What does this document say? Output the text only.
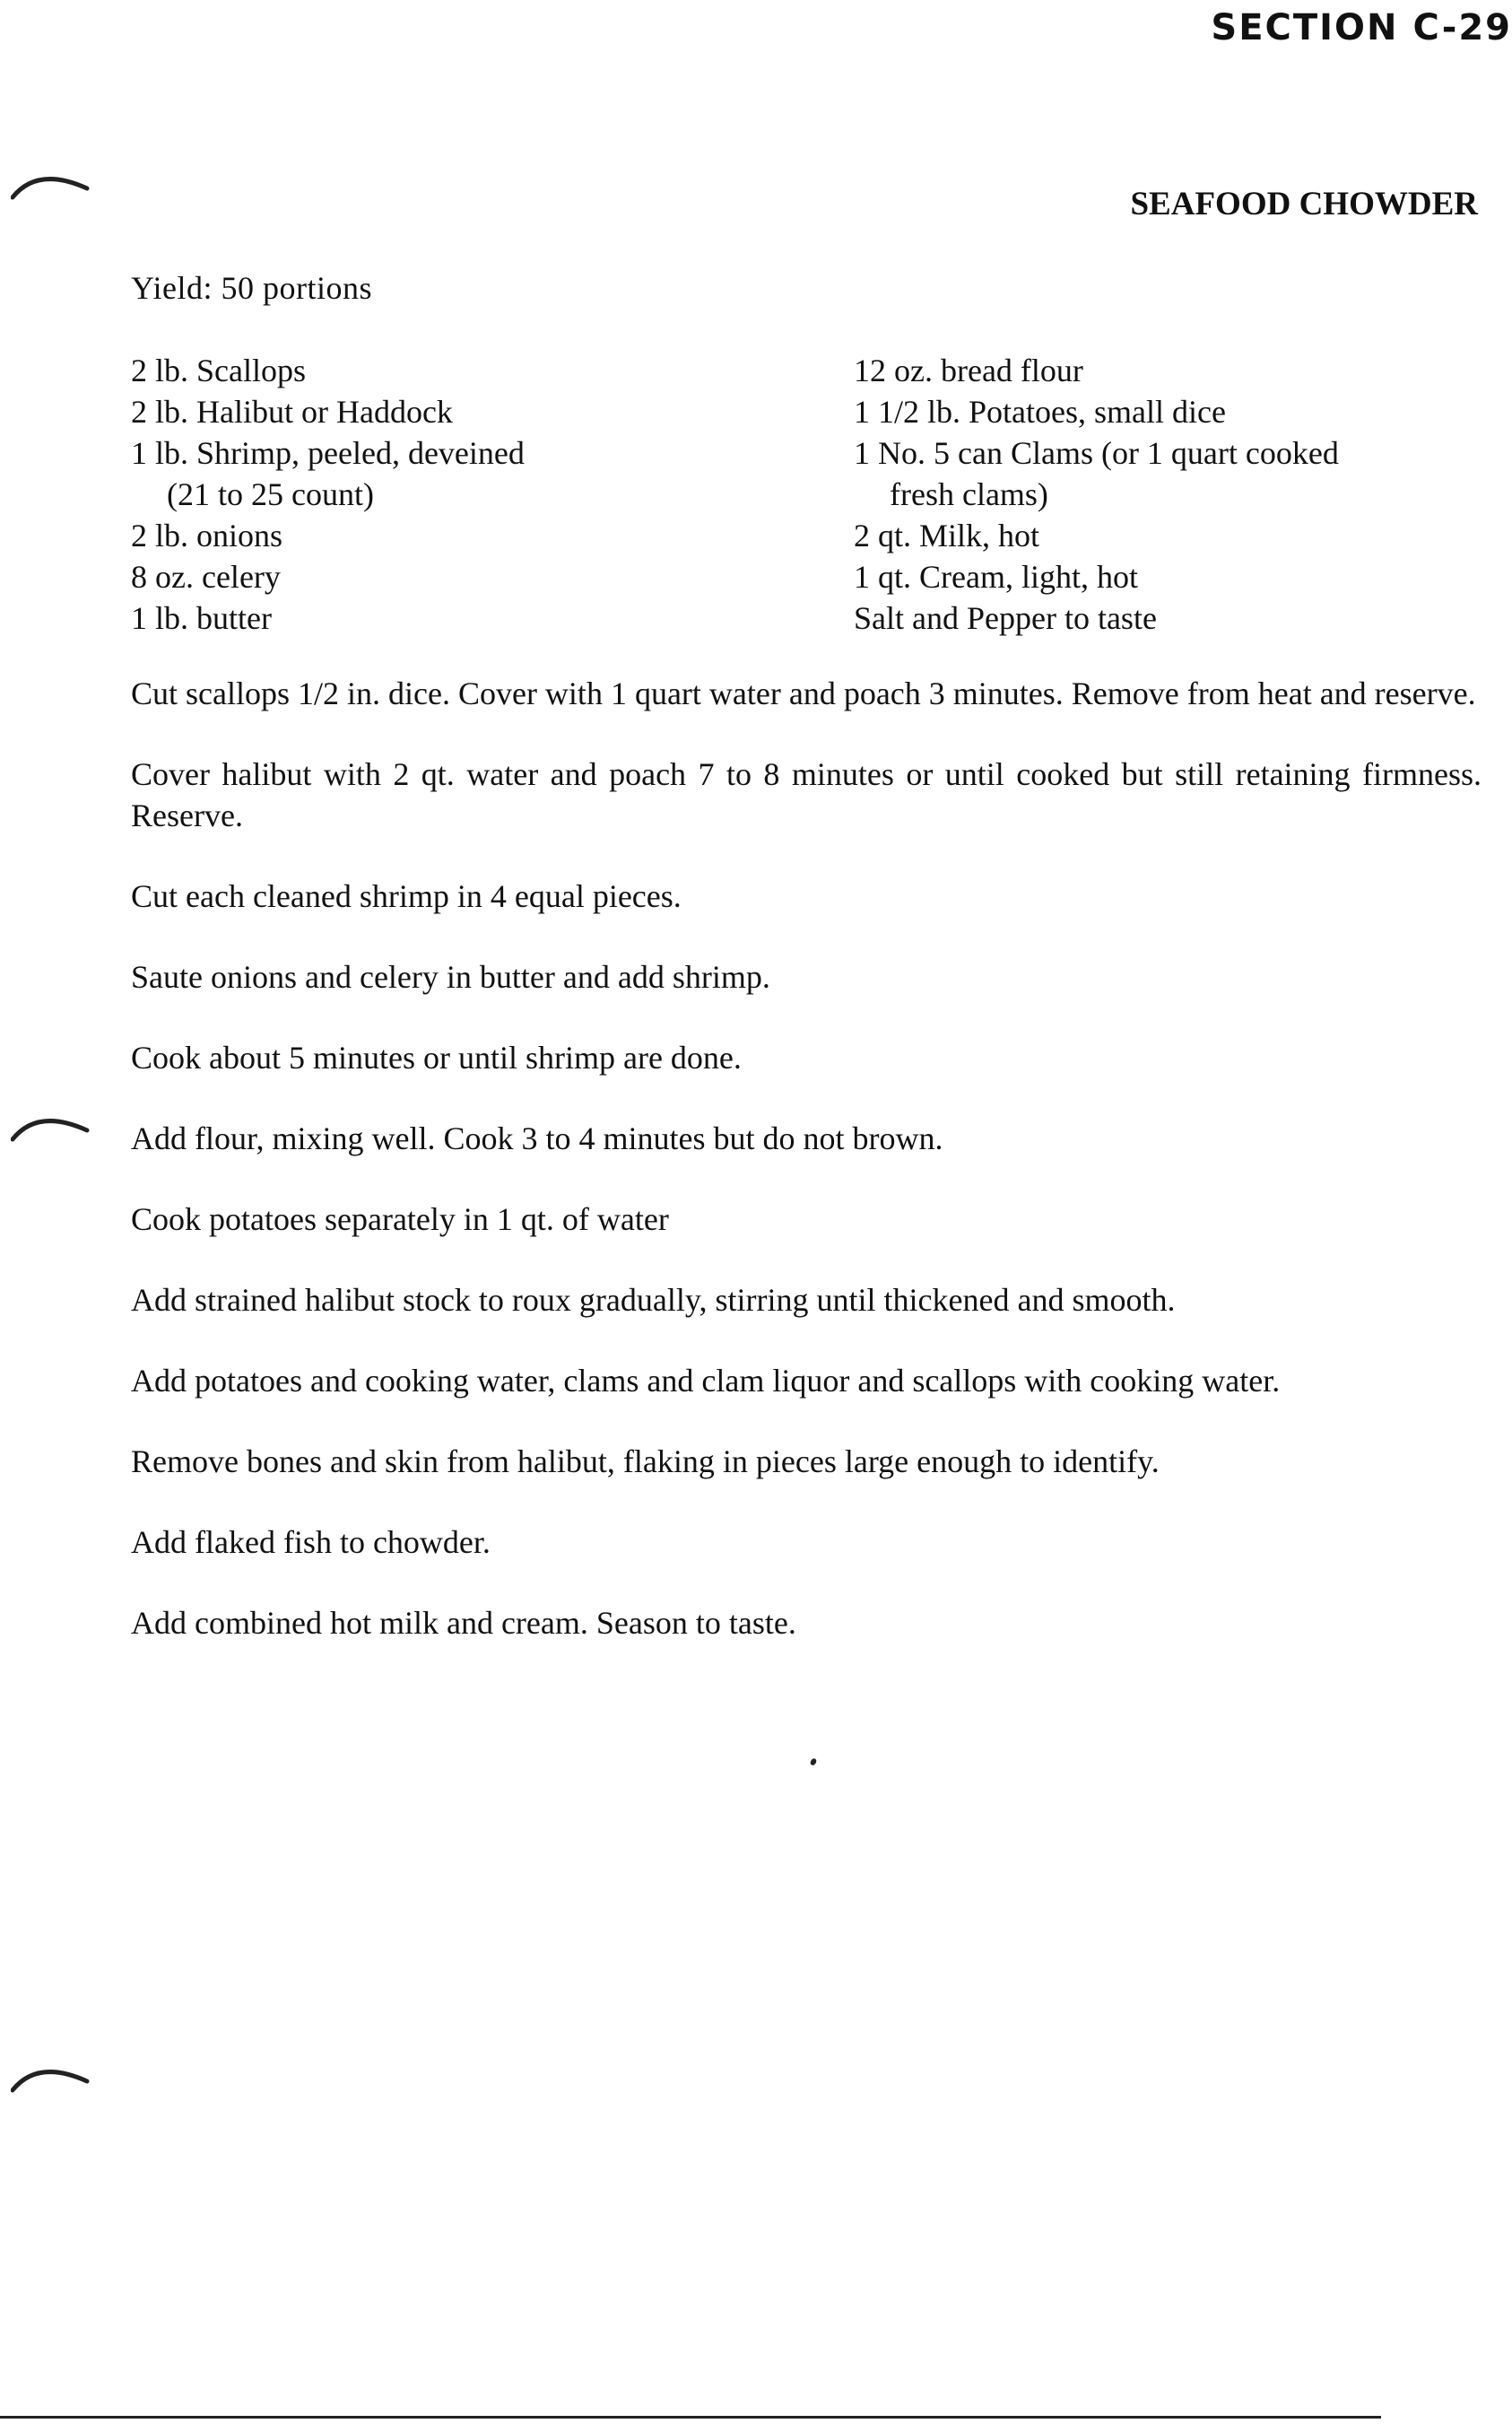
SECTION C-29
SEAFOOD CHOWDER
Yield: 50 portions
2 lb. Scallops
2 lb. Halibut or Haddock
1 lb. Shrimp, peeled, deveined
(21 to 25 count)
2 lb. onions
8 oz. celery
1 lb. butter
12 oz. bread flour
1 1/2 lb. Potatoes, small dice
1 No. 5 can Clams (or 1 quart cooked
fresh clams)
2 qt. Milk, hot
1 qt. Cream, light, hot
Salt and Pepper to taste

Cut scallops 1/2 in. dice. Cover with 1 quart water and poach 3 minutes. Remove from heat and reserve.

Cover halibut with 2 qt. water and poach 7 to 8 minutes or until cooked but still retaining firmness. Reserve.

Cut each cleaned shrimp in 4 equal pieces.

Saute onions and celery in butter and add shrimp.

Cook about 5 minutes or until shrimp are done.

Add flour, mixing well. Cook 3 to 4 minutes but do not brown.

Cook potatoes separately in 1 qt. of water

Add strained halibut stock to roux gradually, stirring until thickened and smooth.

Add potatoes and cooking water, clams and clam liquor and scallops with cooking water.

Remove bones and skin from halibut, flaking in pieces large enough to identify.

Add flaked fish to chowder.

Add combined hot milk and cream. Season to taste.
